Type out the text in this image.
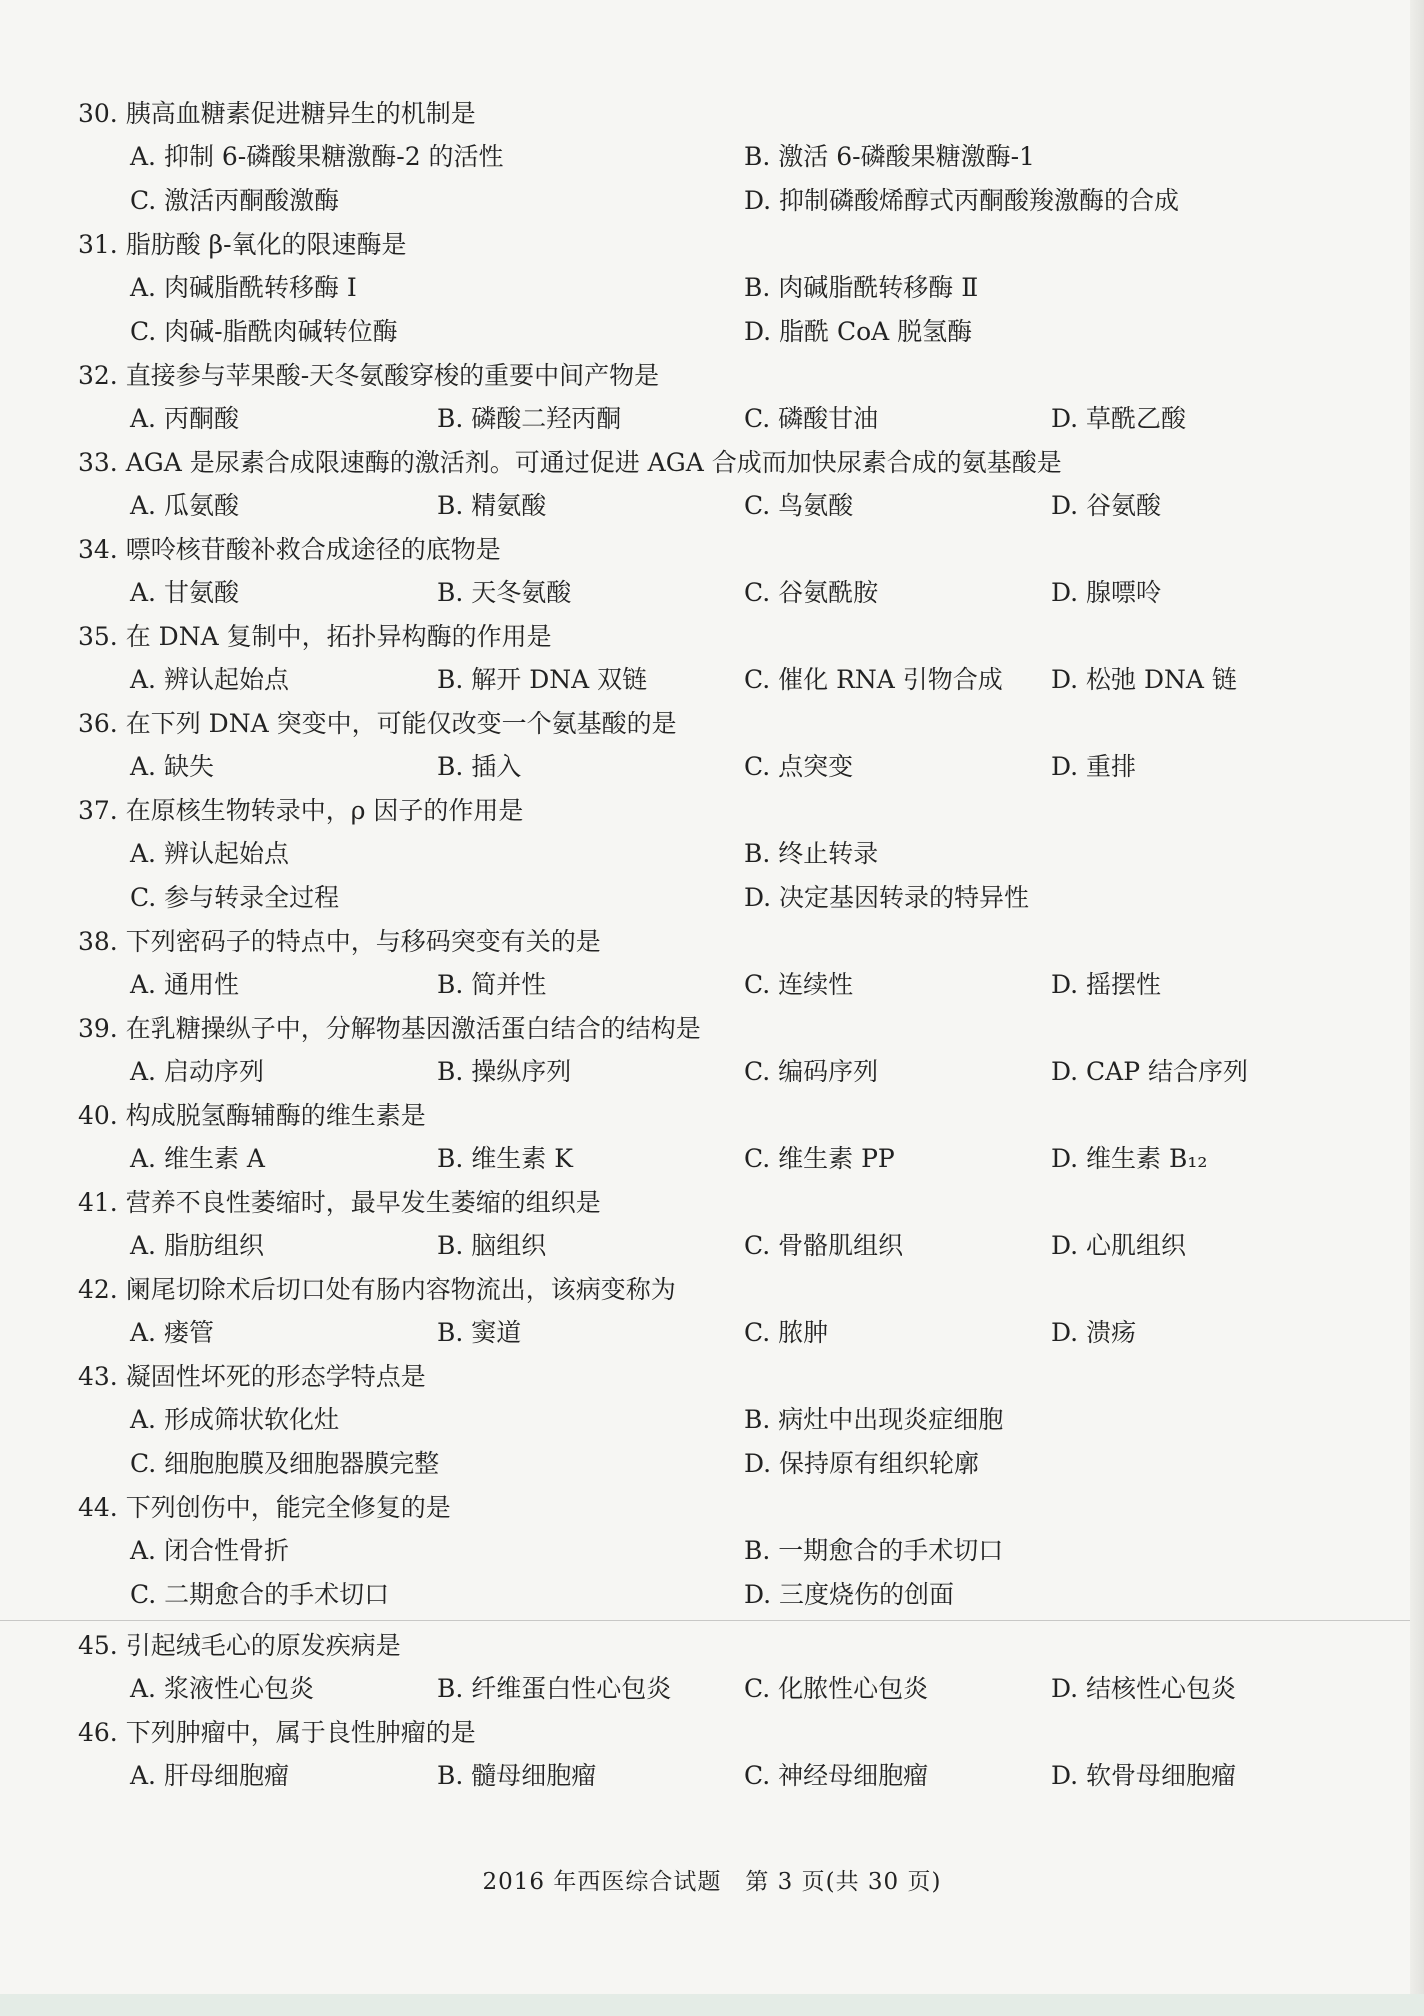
30. 胰高血糖素促进糖异生的机制是
A. 抑制 6-磷酸果糖激酶-2 的活性	B. 激活 6-磷酸果糖激酶-1
C. 激活丙酮酸激酶	D. 抑制磷酸烯醇式丙酮酸羧激酶的合成
31. 脂肪酸 β-氧化的限速酶是
A. 肉碱脂酰转移酶 Ⅰ	B. 肉碱脂酰转移酶 Ⅱ
C. 肉碱-脂酰肉碱转位酶	D. 脂酰 CoA 脱氢酶
32. 直接参与苹果酸-天冬氨酸穿梭的重要中间产物是
A. 丙酮酸	B. 磷酸二羟丙酮	C. 磷酸甘油	D. 草酰乙酸
33. AGA 是尿素合成限速酶的激活剂。可通过促进 AGA 合成而加快尿素合成的氨基酸是
A. 瓜氨酸	B. 精氨酸	C. 鸟氨酸	D. 谷氨酸
34. 嘌呤核苷酸补救合成途径的底物是
A. 甘氨酸	B. 天冬氨酸	C. 谷氨酰胺	D. 腺嘌呤
35. 在 DNA 复制中，拓扑异构酶的作用是
A. 辨认起始点	B. 解开 DNA 双链	C. 催化 RNA 引物合成	D. 松弛 DNA 链
36. 在下列 DNA 突变中，可能仅改变一个氨基酸的是
A. 缺失	B. 插入	C. 点突变	D. 重排
37. 在原核生物转录中，ρ 因子的作用是
A. 辨认起始点	B. 终止转录
C. 参与转录全过程	D. 决定基因转录的特异性
38. 下列密码子的特点中，与移码突变有关的是
A. 通用性	B. 简并性	C. 连续性	D. 摇摆性
39. 在乳糖操纵子中，分解物基因激活蛋白结合的结构是
A. 启动序列	B. 操纵序列	C. 编码序列	D. CAP 结合序列
40. 构成脱氢酶辅酶的维生素是
A. 维生素 A	B. 维生素 K	C. 维生素 PP	D. 维生素 B₁₂
41. 营养不良性萎缩时，最早发生萎缩的组织是
A. 脂肪组织	B. 脑组织	C. 骨骼肌组织	D. 心肌组织
42. 阑尾切除术后切口处有肠内容物流出，该病变称为
A. 瘘管	B. 窦道	C. 脓肿	D. 溃疡
43. 凝固性坏死的形态学特点是
A. 形成筛状软化灶	B. 病灶中出现炎症细胞
C. 细胞胞膜及细胞器膜完整	D. 保持原有组织轮廓
44. 下列创伤中，能完全修复的是
A. 闭合性骨折	B. 一期愈合的手术切口
C. 二期愈合的手术切口	D. 三度烧伤的创面
45. 引起绒毛心的原发疾病是
A. 浆液性心包炎	B. 纤维蛋白性心包炎	C. 化脓性心包炎	D. 结核性心包炎
46. 下列肿瘤中，属于良性肿瘤的是
A. 肝母细胞瘤	B. 髓母细胞瘤	C. 神经母细胞瘤	D. 软骨母细胞瘤
2016 年西医综合试题　第 3 页(共 30 页)
